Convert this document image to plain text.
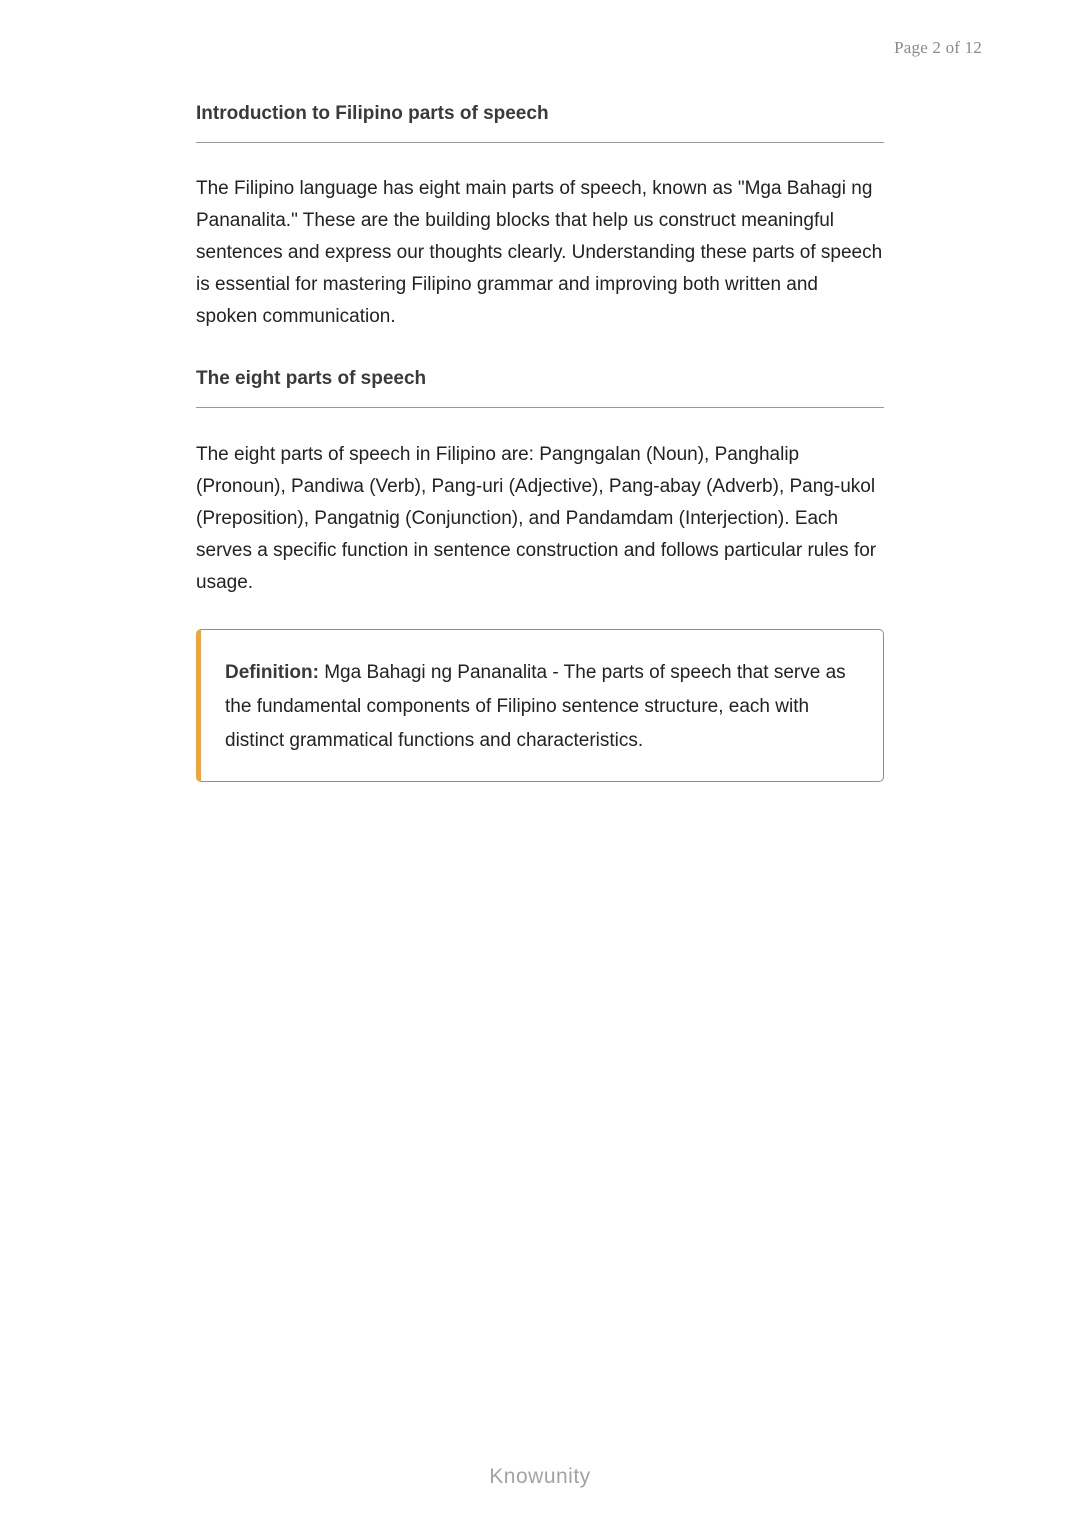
Page 2 of 12
Introduction to Filipino parts of speech

The Filipino language has eight main parts of speech, known as "Mga Bahagi ng Pananalita." These are the building blocks that help us construct meaningful sentences and express our thoughts clearly. Understanding these parts of speech is essential for mastering Filipino grammar and improving both written and spoken communication.

The eight parts of speech

The eight parts of speech in Filipino are: Pangngalan (Noun), Panghalip (Pronoun), Pandiwa (Verb), Pang-uri (Adjective), Pang-abay (Adverb), Pang-ukol (Preposition), Pangatnig (Conjunction), and Pandamdam (Interjection). Each serves a specific function in sentence construction and follows particular rules for usage.

Definition: Mga Bahagi ng Pananalita - The parts of speech that serve as the fundamental components of Filipino sentence structure, each with distinct grammatical functions and characteristics.

Knowunity
